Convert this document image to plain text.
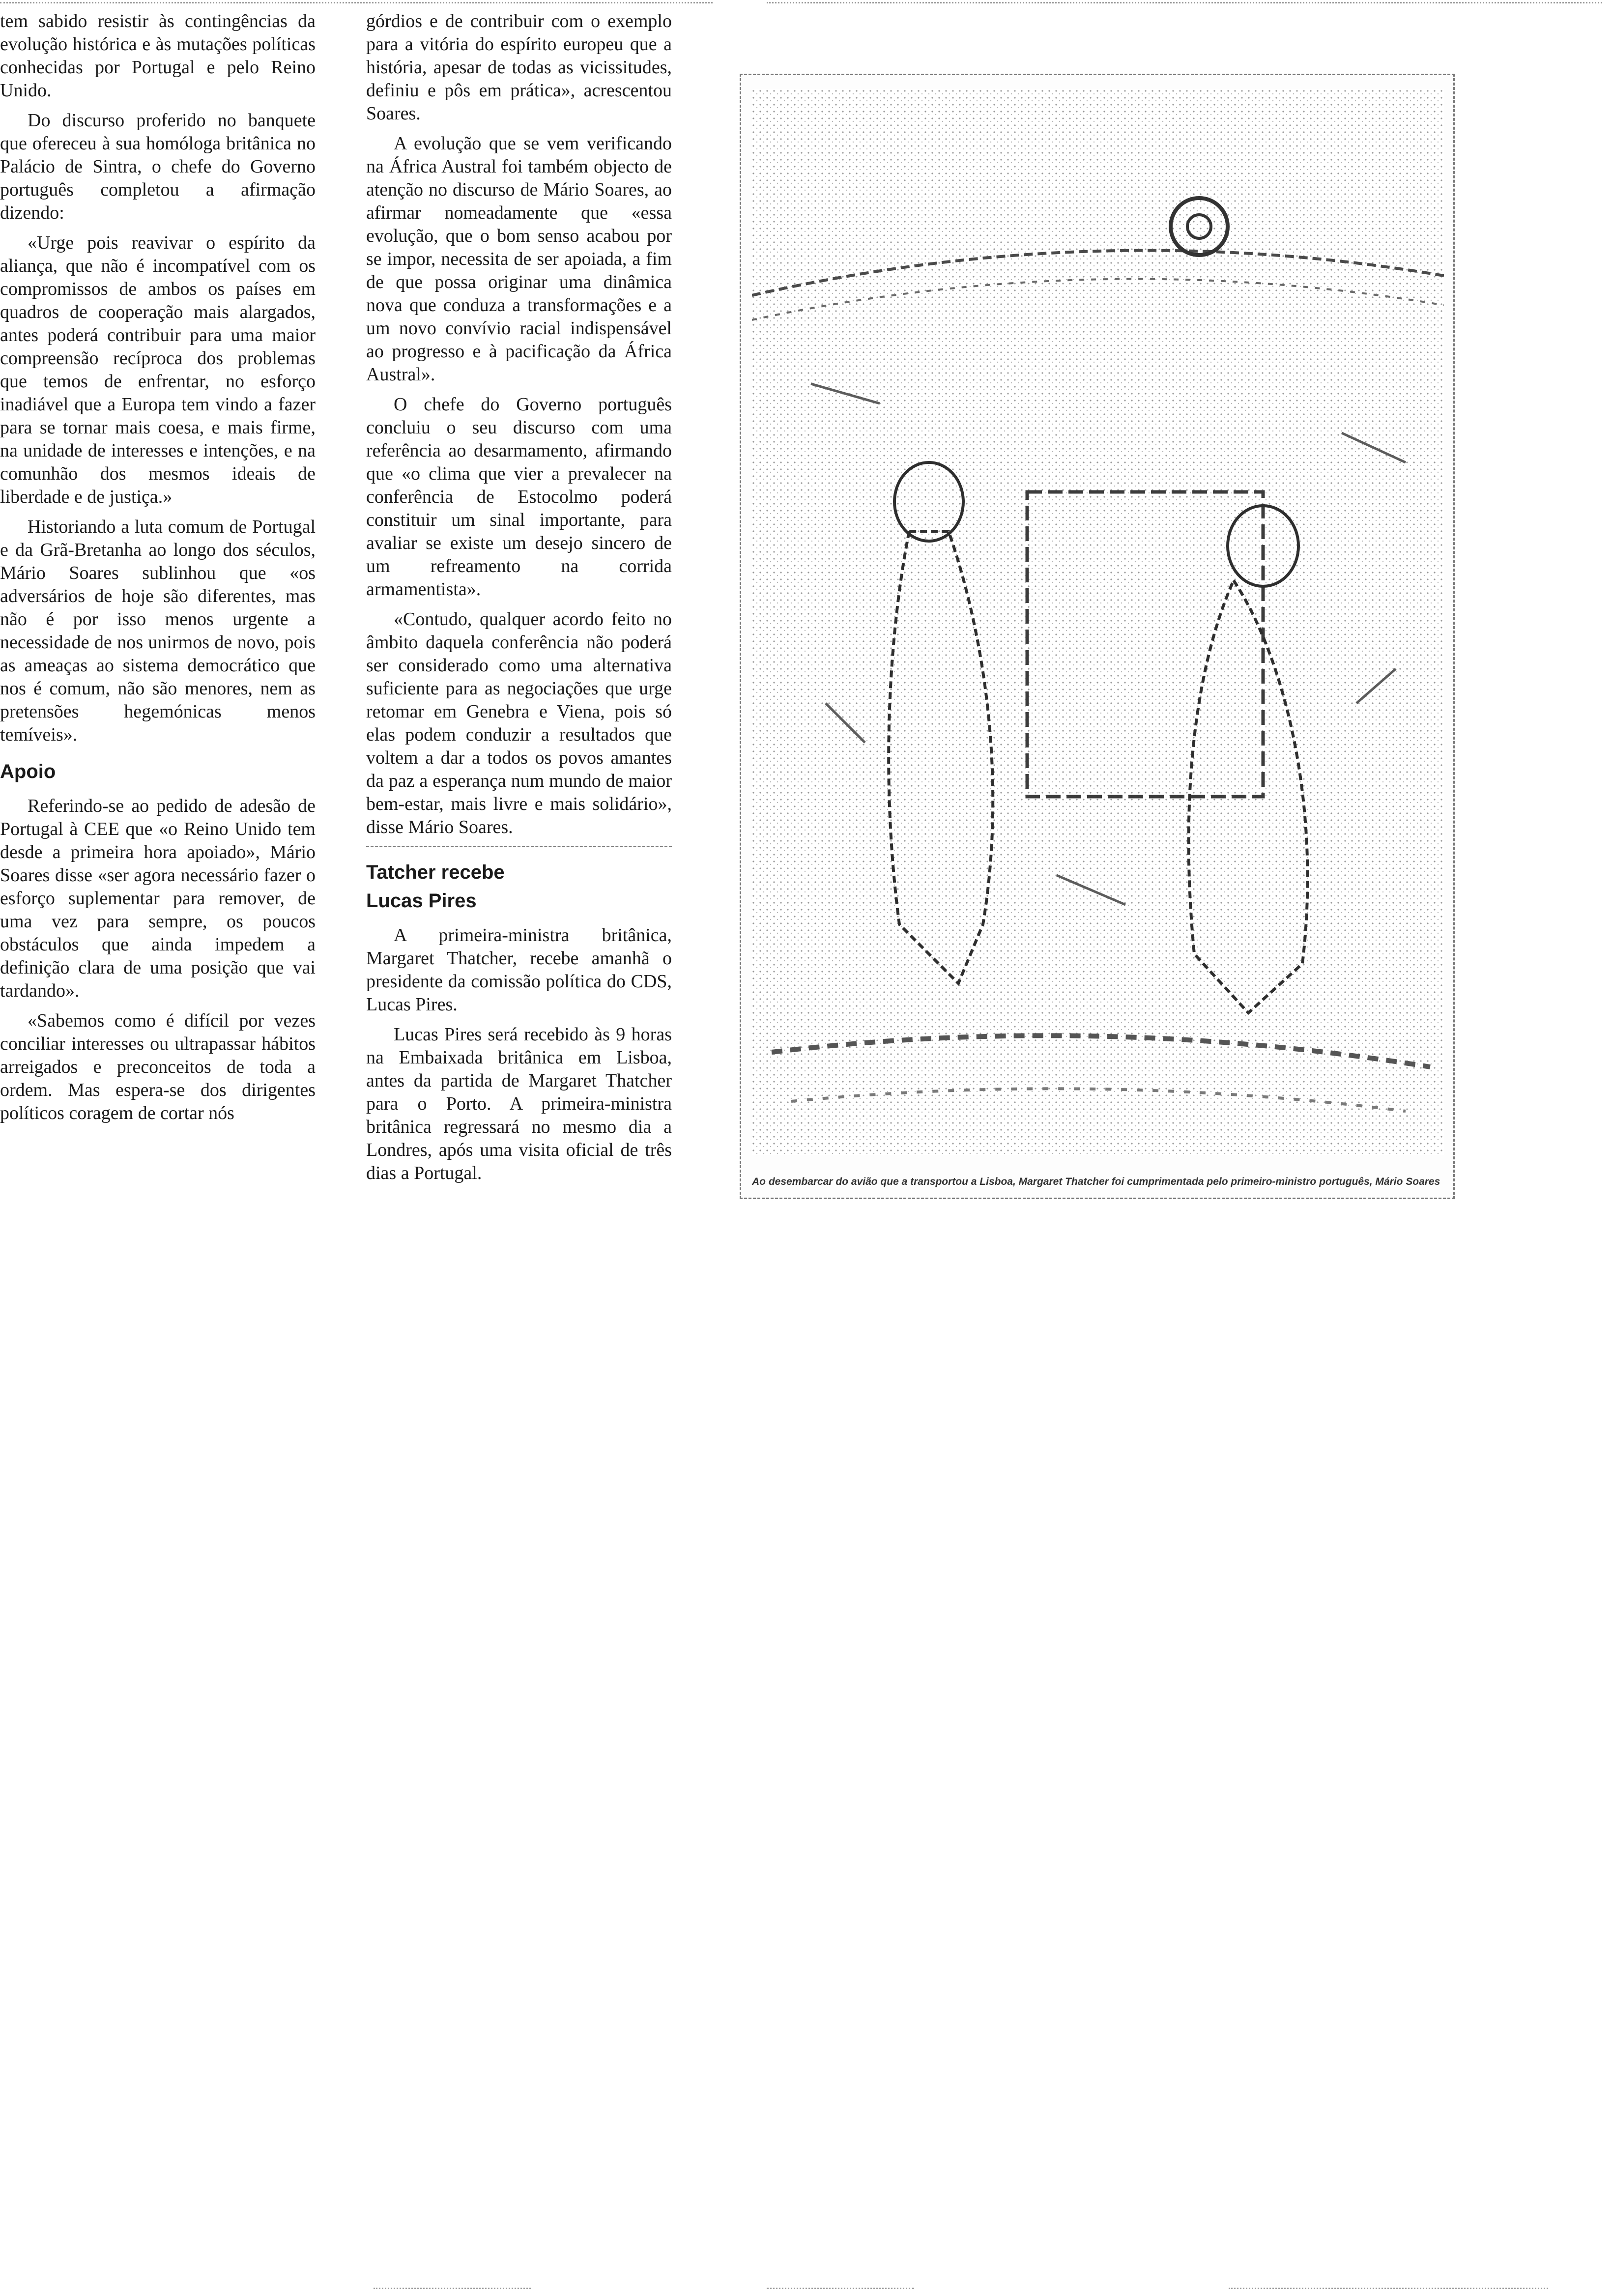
tem sabido resistir às contingências da evolução histórica e às mutações políticas conhecidas por Portugal e pelo Reino Unido.

Do discurso proferido no banquete que ofereceu à sua homóloga britânica no Palácio de Sintra, o chefe do Governo português completou a afirmação dizendo:

«Urge pois reavivar o espírito da aliança, que não é incompatível com os compromissos de ambos os países em quadros de cooperação mais alargados, antes poderá contribuir para uma maior compreensão recíproca dos problemas que temos de enfrentar, no esforço inadiável que a Europa tem vindo a fazer para se tornar mais coesa, e mais firme, na unidade de interesses e intenções, e na comunhão dos mesmos ideais de liberdade e de justiça.»

Historiando a luta comum de Portugal e da Grã-Bretanha ao longo dos séculos, Mário Soares sublinhou que «os adversários de hoje são diferentes, mas não é por isso menos urgente a necessidade de nos unirmos de novo, pois as ameaças ao sistema democrático que nos é comum, não são menores, nem as pretensões hegemónicas menos temíveis».

Apoio

Referindo-se ao pedido de adesão de Portugal à CEE que «o Reino Unido tem desde a primeira hora apoiado», Mário Soares disse «ser agora necessário fazer o esforço suplementar para remover, de uma vez para sempre, os poucos obstáculos que ainda impedem a definição clara de uma posição que vai tardando».

«Sabemos como é difícil por vezes conciliar interesses ou ultrapassar hábitos arreigados e preconceitos de toda a ordem. Mas espera-se dos dirigentes políticos coragem de cortar nós

górdios e de contribuir com o exemplo para a vitória do espírito europeu que a história, apesar de todas as vicissitudes, definiu e pôs em prática», acrescentou Soares.

A evolução que se vem verificando na África Austral foi também objecto de atenção no discurso de Mário Soares, ao afirmar nomeadamente que «essa evolução, que o bom senso acabou por se impor, necessita de ser apoiada, a fim de que possa originar uma dinâmica nova que conduza a transformações e a um novo convívio racial indispensável ao progresso e à pacificação da África Austral».

O chefe do Governo português concluiu o seu discurso com uma referência ao desarmamento, afirmando que «o clima que vier a prevalecer na conferência de Estocolmo poderá constituir um sinal importante, para avaliar se existe um desejo sincero de um refreamento na corrida armamentista».

«Contudo, qualquer acordo feito no âmbito daquela conferência não poderá ser considerado como uma alternativa suficiente para as negociações que urge retomar em Genebra e Viena, pois só elas podem conduzir a resultados que voltem a dar a todos os povos amantes da paz a esperança num mundo de maior bem-estar, mais livre e mais solidário», disse Mário Soares.

Tatcher recebe
Lucas Pires

A primeira-ministra britânica, Margaret Thatcher, recebe amanhã o presidente da comissão política do CDS, Lucas Pires.

Lucas Pires será recebido às 9 horas na Embaixada britânica em Lisboa, antes da partida de Margaret Thatcher para o Porto. A primeira-ministra britânica regressará no mesmo dia a Londres, após uma visita oficial de três dias a Portugal.	Ao desembarcar do avião que a transportou a Lisboa, Margaret Thatcher foi cumprimentada pelo primeiro-ministro português, Mário Soares
